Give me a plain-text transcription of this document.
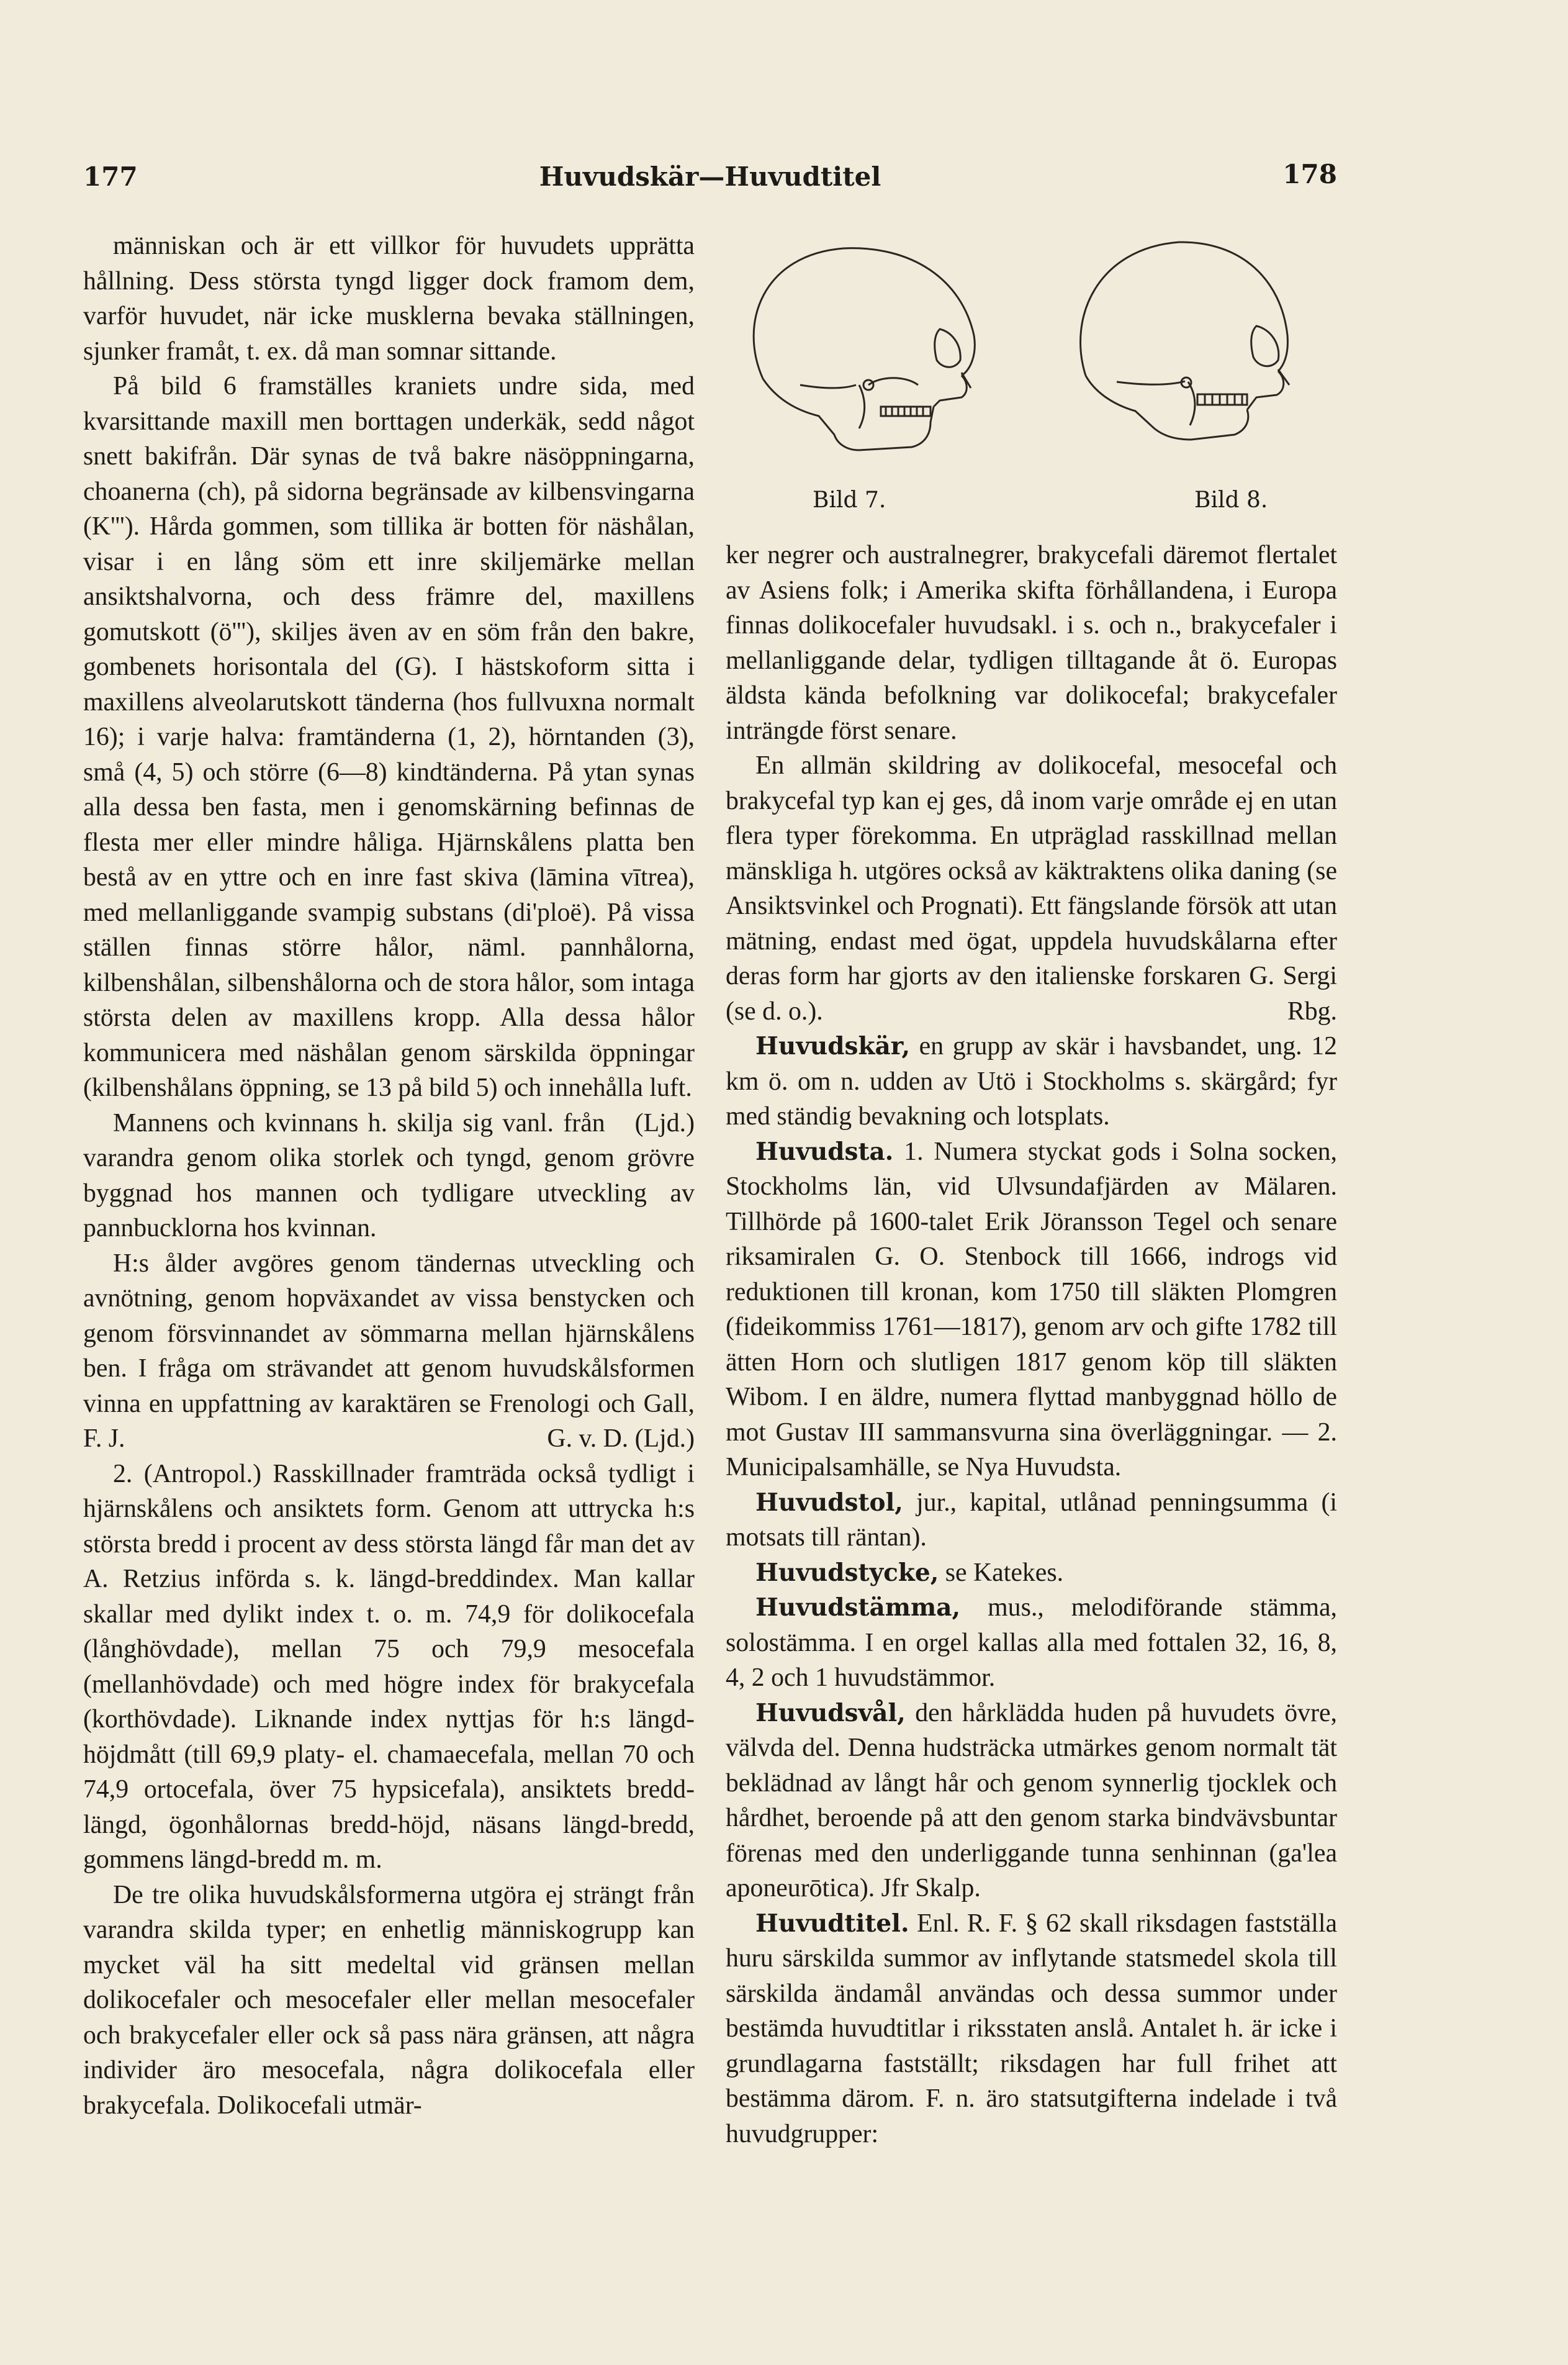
177	Huvudskär—Huvudtitel	178

människan och är ett villkor för huvudets upprätta hållning. Dess största tyngd ligger dock framom dem, varför huvudet, när icke musklerna bevaka ställningen, sjunker framåt, t. ex. då man somnar sittande.

På bild 6 framställes kraniets undre sida, med kvarsittande maxill men borttagen underkäk, sedd något snett bakifrån. Där synas de två bakre näsöppningarna, choanerna (ch), på sidorna begränsade av kilbensvingarna (K'''). Hårda gommen, som tillika är botten för näshålan, visar i en lång söm ett inre skiljemärke mellan ansiktshalvorna, och dess främre del, maxillens gomutskott (ö'''), skiljes även av en söm från den bakre, gombenets horisontala del (G). I hästskoform sitta i maxillens alveolarutskott tänderna (hos fullvuxna normalt 16); i varje halva: framtänderna (1, 2), hörntanden (3), små (4, 5) och större (6—8) kindtänderna. På ytan synas alla dessa ben fasta, men i genomskärning befinnas de flesta mer eller mindre håliga. Hjärnskålens platta ben bestå av en yttre och en inre fast skiva (lāmina vītrea), med mellanliggande svampig substans (di'ploë). På vissa ställen finnas större hålor, näml. pannhålorna, kilbenshålan, silbenshålorna och de stora hålor, som intaga största delen av maxillens kropp. Alla dessa hålor kommunicera med näshålan genom särskilda öppningar (kilbenshålans öppning, se 13 på bild 5) och innehålla luft.
(Ljd.)

Mannens och kvinnans h. skilja sig vanl. från varandra genom olika storlek och tyngd, genom grövre byggnad hos mannen och tydligare utveckling av pannbucklorna hos kvinnan.

H:s ålder avgöres genom tändernas utveckling och avnötning, genom hopväxandet av vissa benstycken och genom försvinnandet av sömmarna mellan hjärnskålens ben. I fråga om strävandet att genom huvudskålsformen vinna en uppfattning av karaktären se Frenologi och Gall, F. J.	G. v. D. (Ljd.)

2. (Antropol.) Rasskillnader framträda också tydligt i hjärnskålens och ansiktets form. Genom att uttrycka h:s största bredd i procent av dess största längd får man det av A. Retzius införda s. k. längd-breddindex. Man kallar skallar med dylikt index t. o. m. 74,9 för dolikocefala (långhövdade), mellan 75 och 79,9 mesocefala (mellanhövdade) och med högre index för brakycefala (korthövdade). Liknande index nyttjas för h:s längd-höjdmått (till 69,9 platy- el. chamaecefala, mellan 70 och 74,9 ortocefala, över 75 hypsicefala), ansiktets bredd-längd, ögonhålornas bredd-höjd, näsans längd-bredd, gommens längd-bredd m. m.

De tre olika huvudskålsformerna utgöra ej strängt från varandra skilda typer; en enhetlig människogrupp kan mycket väl ha sitt medeltal vid gränsen mellan dolikocefaler och mesocefaler eller mellan mesocefaler och brakycefaler eller ock så pass nära gränsen, att några individer äro mesocefala, några dolikocefala eller brakycefala. Dolikocefali utmär-

Bild 7.	Bild 8.

ker negrer och australnegrer, brakycefali däremot flertalet av Asiens folk; i Amerika skifta förhållandena, i Europa finnas dolikocefaler huvudsakl. i s. och n., brakycefaler i mellanliggande delar, tydligen tilltagande åt ö. Europas äldsta kända befolkning var dolikocefal; brakycefaler inträngde först senare.

En allmän skildring av dolikocefal, mesocefal och brakycefal typ kan ej ges, då inom varje område ej en utan flera typer förekomma. En utpräglad rasskillnad mellan mänskliga h. utgöres också av käktraktens olika daning (se Ansiktsvinkel och Prognati). Ett fängslande försök att utan mätning, endast med ögat, uppdela huvudskålarna efter deras form har gjorts av den italienske forskaren G. Sergi (se d. o.).	Rbg.

Huvudskär, en grupp av skär i havsbandet, ung. 12 km ö. om n. udden av Utö i Stockholms s. skärgård; fyr med ständig bevakning och lotsplats.

Huvudsta. 1. Numera styckat gods i Solna socken, Stockholms län, vid Ulvsundafjärden av Mälaren. Tillhörde på 1600-talet Erik Jöransson Tegel och senare riksamiralen G. O. Stenbock till 1666, indrogs vid reduktionen till kronan, kom 1750 till släkten Plomgren (fideikommiss 1761—1817), genom arv och gifte 1782 till ätten Horn och slutligen 1817 genom köp till släkten Wibom. I en äldre, numera flyttad manbyggnad höllo de mot Gustav III sammansvurna sina överläggningar. — 2. Municipalsamhälle, se Nya Huvudsta.

Huvudstol, jur., kapital, utlånad penningsumma (i motsats till räntan).

Huvudstycke, se Katekes.

Huvudstämma, mus., melodiförande stämma, solostämma. I en orgel kallas alla med fottalen 32, 16, 8, 4, 2 och 1 huvudstämmor.

Huvudsvål, den hårklädda huden på huvudets övre, välvda del. Denna hudsträcka utmärkes genom normalt tät beklädnad av långt hår och genom synnerlig tjocklek och hårdhet, beroende på att den genom starka bindvävsbuntar förenas med den underliggande tunna senhinnan (ga'lea aponeurōtica). Jfr Skalp.

Huvudtitel. Enl. R. F. § 62 skall riksdagen fastställa huru särskilda summor av inflytande statsmedel skola till särskilda ändamål användas och dessa summor under bestämda huvudtitlar i riksstaten anslå. Antalet h. är icke i grundlagarna fastställt; riksdagen har full frihet att bestämma därom. F. n. äro statsutgifterna indelade i två huvudgrupper:
